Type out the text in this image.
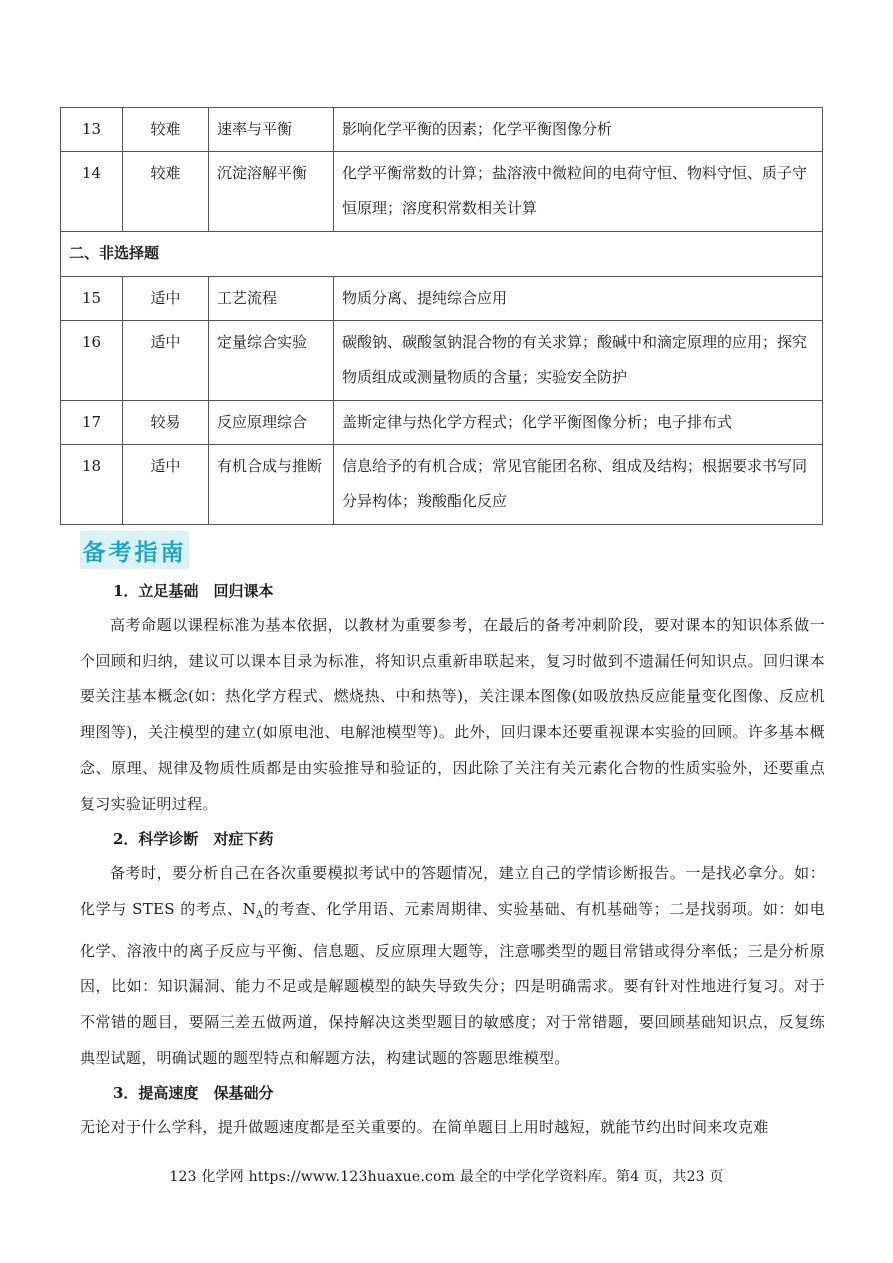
13	较难	速率与平衡	影响化学平衡的因素；化学平衡图像分析
14	较难	沉淀溶解平衡	化学平衡常数的计算；盐溶液中微粒间的电荷守恒、物料守恒、质子守恒原理；溶度积常数相关计算
二、非选择题			
15	适中	工艺流程	物质分离、提纯综合应用
16	适中	定量综合实验	碳酸钠、碳酸氢钠混合物的有关求算；酸碱中和滴定原理的应用；探究物质组成或测量物质的含量；实验安全防护
17	较易	反应原理综合	盖斯定律与热化学方程式；化学平衡图像分析；电子排布式
18	适中	有机合成与推断	信息给予的有机合成；常见官能团名称、组成及结构；根据要求书写同分异构体；羧酸酯化反应
备考指南
1．立足基础　回归课本
高考命题以课程标准为基本依据，以教材为重要参考，在最后的备考冲刺阶段，要对课本的知识体系做一个回顾和归纳，建议可以课本目录为标准，将知识点重新串联起来，复习时做到不遗漏任何知识点。回归课本要关注基本概念(如：热化学方程式、燃烧热、中和热等)，关注课本图像(如吸放热反应能量变化图像、反应机理图等)，关注模型的建立(如原电池、电解池模型等)。此外，回归课本还要重视课本实验的回顾。许多基本概念、原理、规律及物质性质都是由实验推导和验证的，因此除了关注有关元素化合物的性质实验外，还要重点复习实验证明过程。
2．科学诊断　对症下药
备考时，要分析自己在各次重要模拟考试中的答题情况，建立自己的学情诊断报告。一是找必拿分。如：化学与 STES 的考点、$N_A$的考查、化学用语、元素周期律、实验基础、有机基础等；二是找弱项。如：如电化学、溶液中的离子反应与平衡、信息题、反应原理大题等，注意哪类型的题目常错或得分率低；三是分析原因，比如：知识漏洞、能力不足或是解题模型的缺失导致失分；四是明确需求。要有针对性地进行复习。对于不常错的题目，要隔三差五做两道，保持解决这类型题目的敏感度；对于常错题，要回顾基础知识点，反复练典型试题，明确试题的题型特点和解题方法，构建试题的答题思维模型。
3．提高速度　保基础分
无论对于什么学科，提升做题速度都是至关重要的。在简单题目上用时越短，就能节约出时间来攻克难
123 化学网 https://www.123huaxue.com 最全的中学化学资料库。第4 页，共23 页
